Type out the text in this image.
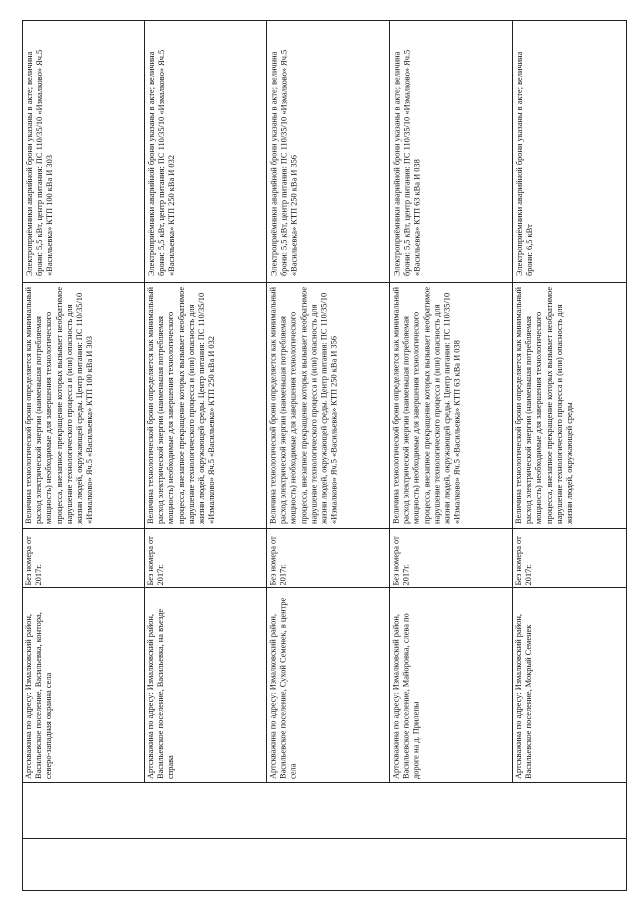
Электроприёмники аварийной брони указаны в акте; величина брони: 5,5 кВт, центр питания: ПС 110/35/10 «Измалково» Яч.5 «Васильевка» КТП 100 кВа И 303
Величина технологической брони определяется как минимальный расход электрической энергии (наименьшая потребляемая мощность) необходимые для завершения технологического процесса, внезапное прекращение которых вызывает необратимое нарушение технологического процесса и (или) опасность для жизни людей, окружающей среды. Центр питания: ПС 110/35/10 «Измалково» Яч.5 «Васильевка» КТП 100 кВа И 303
Без номера от 2017г.
Артскважина по адресу: Измалковский район, Васильевское поселение, Васильевка, контора, северо-западная окраина села
Электроприёмники аварийной брони указаны в акте; величина брони: 5,5 кВт, центр питания: ПС 110/35/10 «Измалково» Яч.5 «Васильевка» КТП 250 кВа И 032
Величина технологической брони определяется как минимальный расход электрической энергии (наименьшая потребляемая мощность) необходимые для завершения технологического процесса, внезапное прекращение которых вызывает необратимое нарушение технологического процесса и (или) опасность для жизни людей, окружающей среды. Центр питания: ПС 110/35/10 «Измалково» Яч.5 «Васильевка» КТП 250 кВа И 032
Без номера от 2017г.
Артскважина по адресу: Измалковский район, Васильевское поселение, Васильевка, на въезде справа
Электроприёмники аварийной брони указаны в акте; величина брони: 5,5 кВт, центр питания: ПС 110/35/10 «Измалково» Яч.5 «Васильевка» КТП 250 кВа И 356
Величина технологической брони определяется как минимальный расход электрической энергии (наименьшая потребляемая мощность) необходимые для завершения технологического процесса, внезапное прекращение которых вызывает необратимое нарушение технологического процесса и (или) опасность для жизни людей, окружающей среды. Центр питания: ПС 110/35/10 «Измалково» Яч.5 «Васильевка» КТП 250 кВа И 356
Без номера от 2017г.
Артскважина по адресу: Измалковский район, Васильевское поселение, Сухой Семенек, в центре села
Электроприёмники аварийной брони указаны в акте; величина брони: 5,5 кВт, центр питания: ПС 110/35/10 «Измалково» Яч.5 «Васильевка» КТП 63 кВа И 038
Величина технологической брони определяется как минимальный расход электрической энергии (наименьшая потребляемая мощность) необходимые для завершения технологического процесса, внезапное прекращение которых вызывает необратимое нарушение технологического процесса и (или) опасность для жизни людей, окружающей среды. Центр питания: ПС 110/35/10 «Измалково» Яч.5 «Васильевка» КТП 63 кВа И 038
Без номера от 2017г.
Артскважина по адресу: Измалковский район, Васильевское поселение, Майоровка, слева по дороге на д. Прилепы
Электроприёмники аварийной брони указаны в акте; величина брони: 6,5 кВт
Величина технологической брони определяется как минимальный расход электрической энергии (наименьшая потребляемая мощность) необходимые для завершения технологического процесса, внезапное прекращение которых вызывает необратимое нарушение технологического процесса и (или) опасность для жизни людей, окружающей среды
Без номера от 2017г.
Артскважина по адресу: Измалковский район, Васильевское поселение, Мокрый Семенек
